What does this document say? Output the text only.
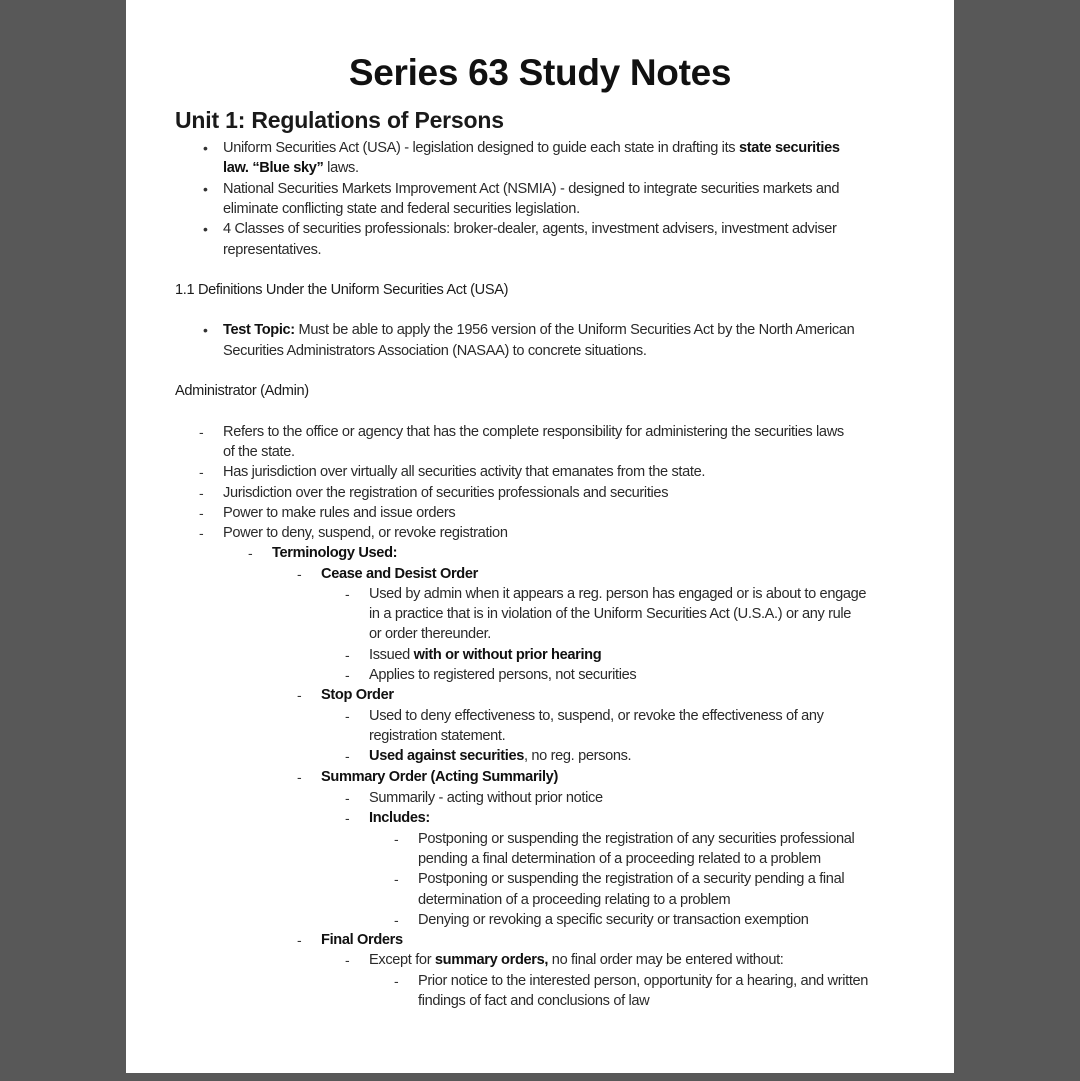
Series 63 Study Notes
Unit 1: Regulations of Persons
• Uniform Securities Act (USA) - legislation designed to guide each state in drafting its state securities
law. “Blue sky” laws.
• National Securities Markets Improvement Act (NSMIA) - designed to integrate securities markets and
eliminate conflicting state and federal securities legislation.
• 4 Classes of securities professionals: broker-dealer, agents, investment advisers, investment adviser
representatives.
1.1 Definitions Under the Uniform Securities Act (USA)
• Test Topic: Must be able to apply the 1956 version of the Uniform Securities Act by the North American
Securities Administrators Association (NASAA) to concrete situations.
Administrator (Admin)
- Refers to the office or agency that has the complete responsibility for administering the securities laws
of the state.
- Has jurisdiction over virtually all securities activity that emanates from the state.
- Jurisdiction over the registration of securities professionals and securities
- Power to make rules and issue orders
- Power to deny, suspend, or revoke registration
- Terminology Used:
- Cease and Desist Order
- Used by admin when it appears a reg. person has engaged or is about to engage
in a practice that is in violation of the Uniform Securities Act (U.S.A.) or any rule
or order thereunder.
- Issued with or without prior hearing
- Applies to registered persons, not securities
- Stop Order
- Used to deny effectiveness to, suspend, or revoke the effectiveness of any
registration statement.
- Used against securities, no reg. persons.
- Summary Order (Acting Summarily)
- Summarily - acting without prior notice
- Includes:
- Postponing or suspending the registration of any securities professional
pending a final determination of a proceeding related to a problem
- Postponing or suspending the registration of a security pending a final
determination of a proceeding relating to a problem
- Denying or revoking a specific security or transaction exemption
- Final Orders
- Except for summary orders, no final order may be entered without:
- Prior notice to the interested person, opportunity for a hearing, and written
findings of fact and conclusions of law
